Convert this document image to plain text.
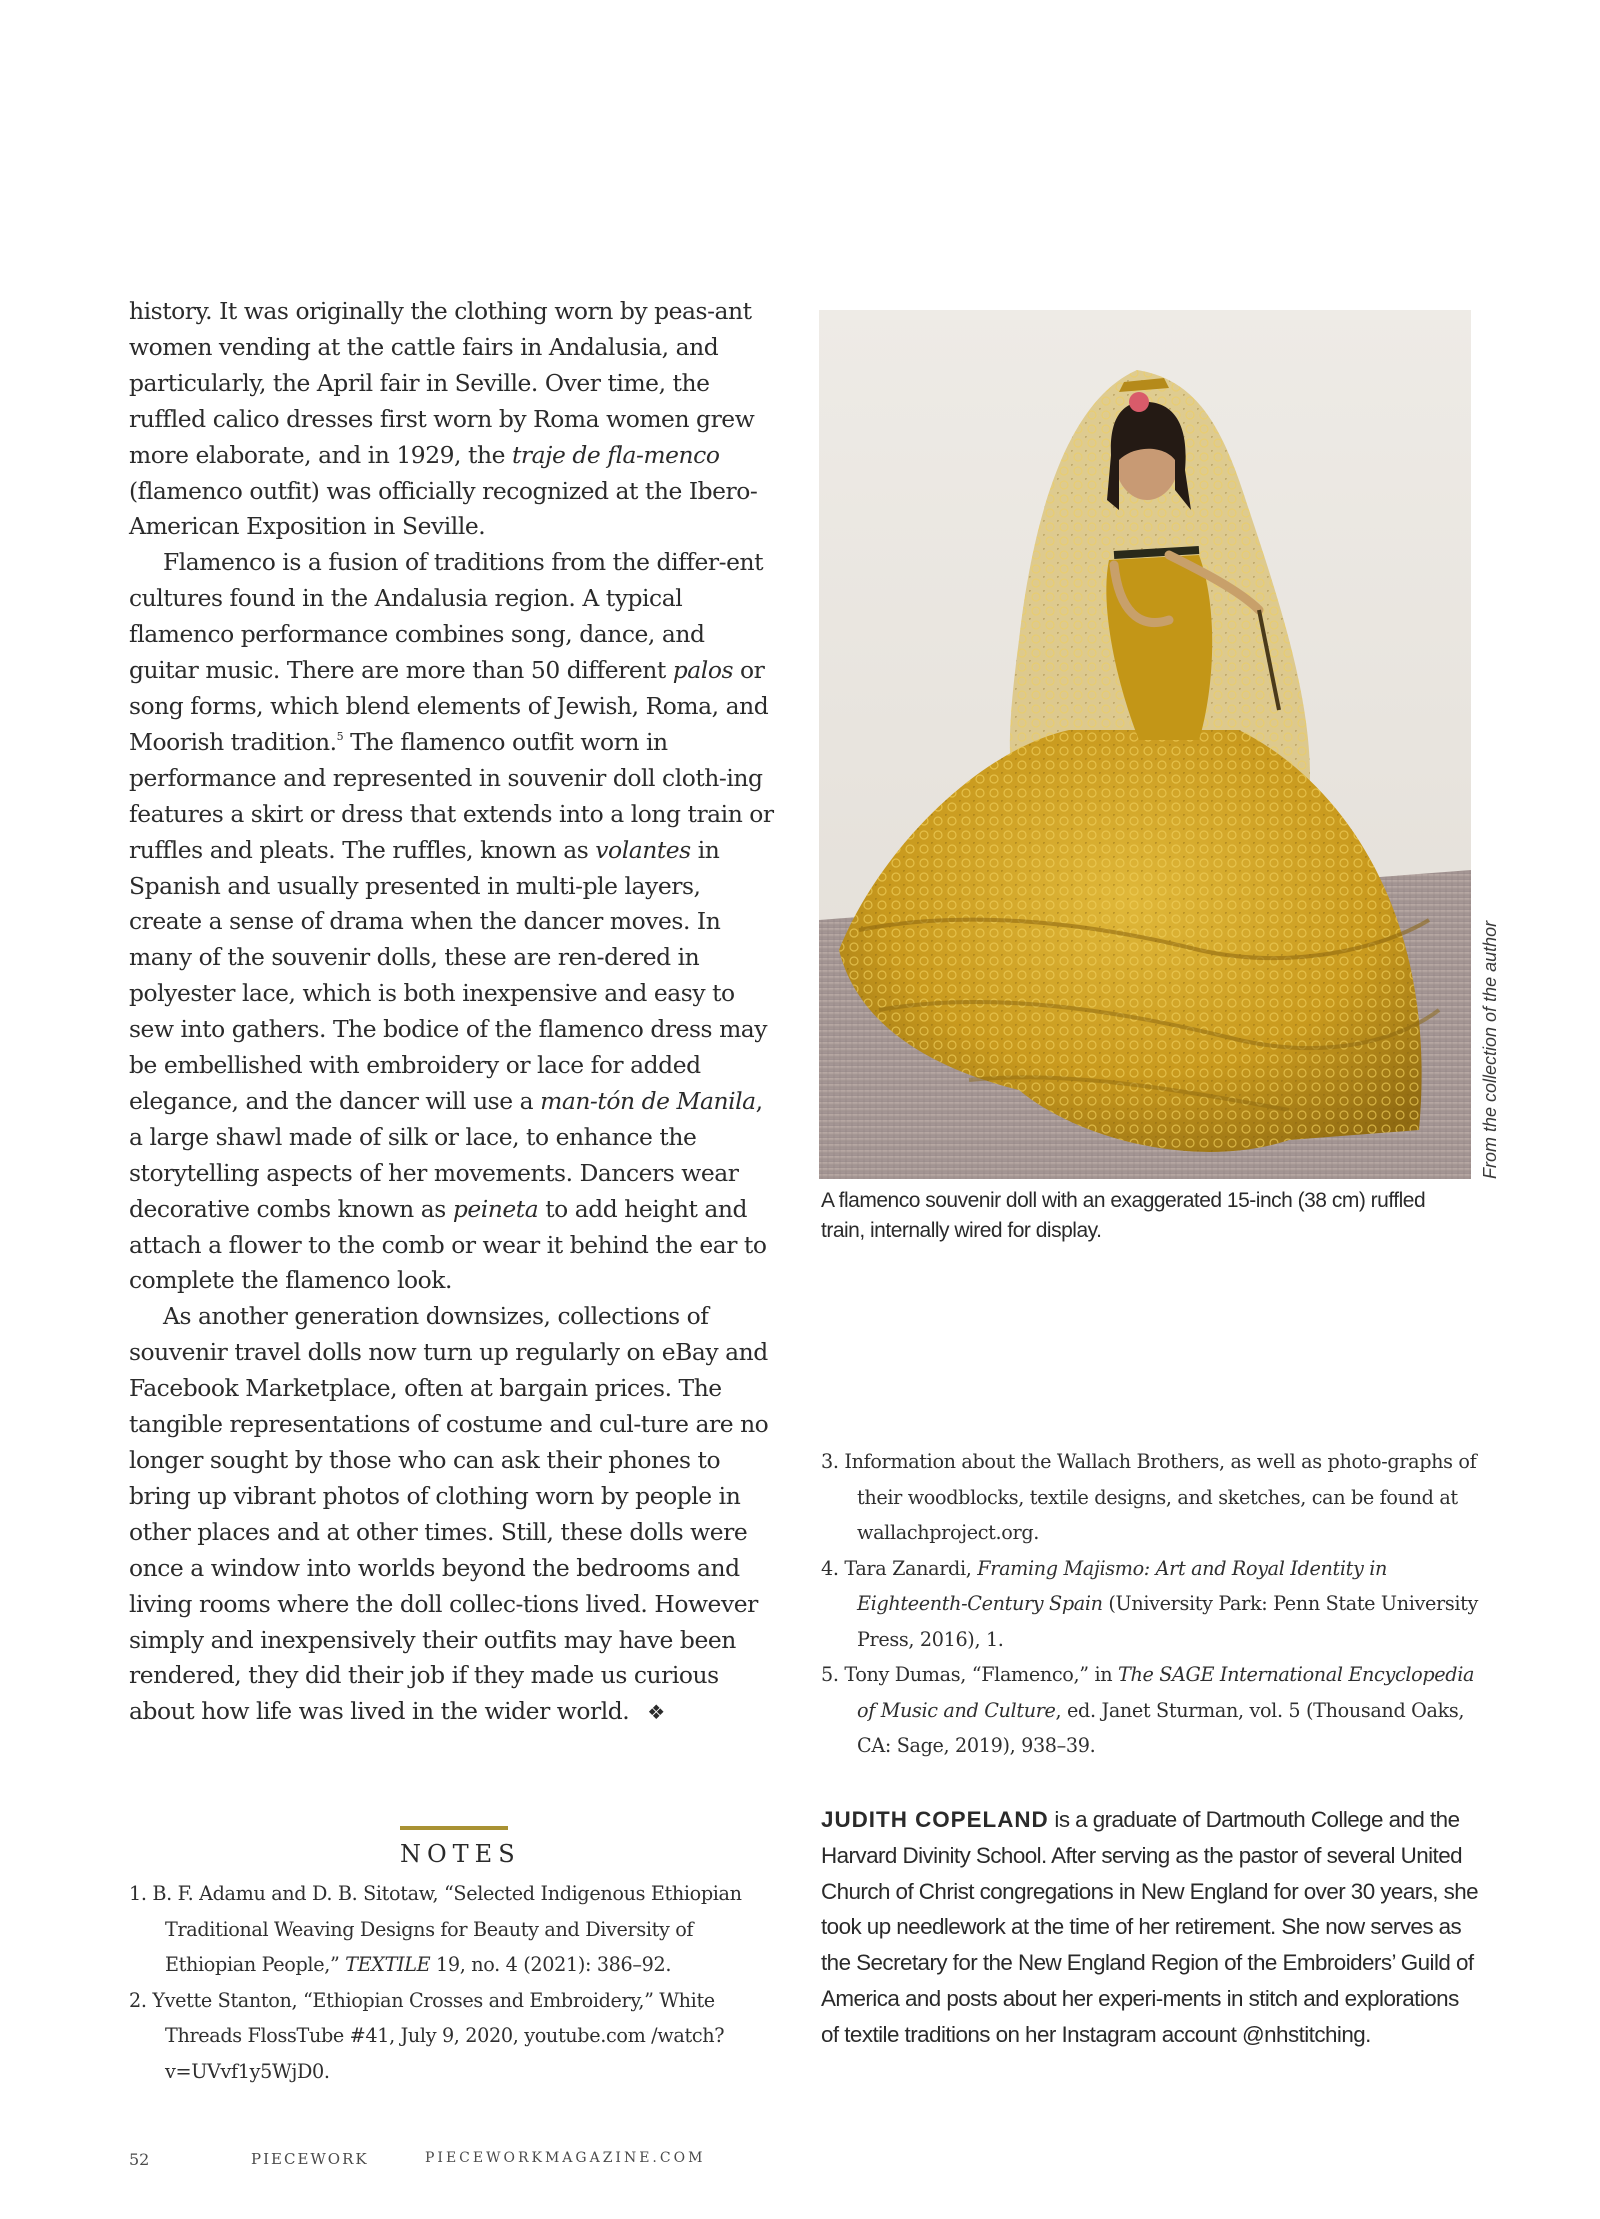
history. It was originally the clothing worn by peas-ant women vending at the cattle fairs in Andalusia, and particularly, the April fair in Seville. Over time, the ruffled calico dresses first worn by Roma women grew more elaborate, and in 1929, the traje de fla-menco (flamenco outfit) was officially recognized at the Ibero-American Exposition in Seville.

Flamenco is a fusion of traditions from the differ-ent cultures found in the Andalusia region. A typical flamenco performance combines song, dance, and guitar music. There are more than 50 different palos or song forms, which blend elements of Jewish, Roma, and Moorish tradition.$^5$ The flamenco outfit worn in performance and represented in souvenir doll cloth-ing features a skirt or dress that extends into a long train or ruffles and pleats. The ruffles, known as volantes in Spanish and usually presented in multi-ple layers, create a sense of drama when the dancer moves. In many of the souvenir dolls, these are ren-dered in polyester lace, which is both inexpensive and easy to sew into gathers. The bodice of the flamenco dress may be embellished with embroidery or lace for added elegance, and the dancer will use a man-tón de Manila, a large shawl made of silk or lace, to enhance the storytelling aspects of her movements. Dancers wear decorative combs known as peineta to add height and attach a flower to the comb or wear it behind the ear to complete the flamenco look.

As another generation downsizes, collections of souvenir travel dolls now turn up regularly on eBay and Facebook Marketplace, often at bargain prices. The tangible representations of costume and cul-ture are no longer sought by those who can ask their phones to bring up vibrant photos of clothing worn by people in other places and at other times. Still, these dolls were once a window into worlds beyond the bedrooms and living rooms where the doll collec-tions lived. However simply and inexpensively their outfits may have been rendered, they did their job if they made us curious about how life was lived in the wider world. ❖

From the collection of the author
A flamenco souvenir doll with an exaggerated 15-inch (38 cm) ruffled train, internally wired for display.
3. Information about the Wallach Brothers, as well as photo-graphs of their woodblocks, textile designs, and sketches, can be found at wallachproject.org.
4. Tara Zanardi, Framing Majismo: Art and Royal Identity in Eighteenth-Century Spain (University Park: Penn State University Press, 2016), 1.
5. Tony Dumas, “Flamenco,” in The SAGE International Encyclopedia of Music and Culture, ed. Janet Sturman, vol. 5 (Thousand Oaks, CA: Sage, 2019), 938–39.
NOTES
1. B. F. Adamu and D. B. Sitotaw, “Selected Indigenous Ethiopian Traditional Weaving Designs for Beauty and Diversity of Ethiopian People,” TEXTILE 19, no. 4 (2021): 386–92.
2. Yvette Stanton, “Ethiopian Crosses and Embroidery,” White Threads FlossTube #41, July 9, 2020, youtube.com /watch?v=UVvf1y5WjD0.
JUDITH COPELAND is a graduate of Dartmouth College and the Harvard Divinity School. After serving as the pastor of several United Church of Christ congregations in New England for over 30 years, she took up needlework at the time of her retirement. She now serves as the Secretary for the New England Region of the Embroiders’ Guild of America and posts about her experi-ments in stitch and explorations of textile traditions on her Instagram account @nhstitching.
52	PIECEWORK	PIECEWORKMAGAZINE.COM
